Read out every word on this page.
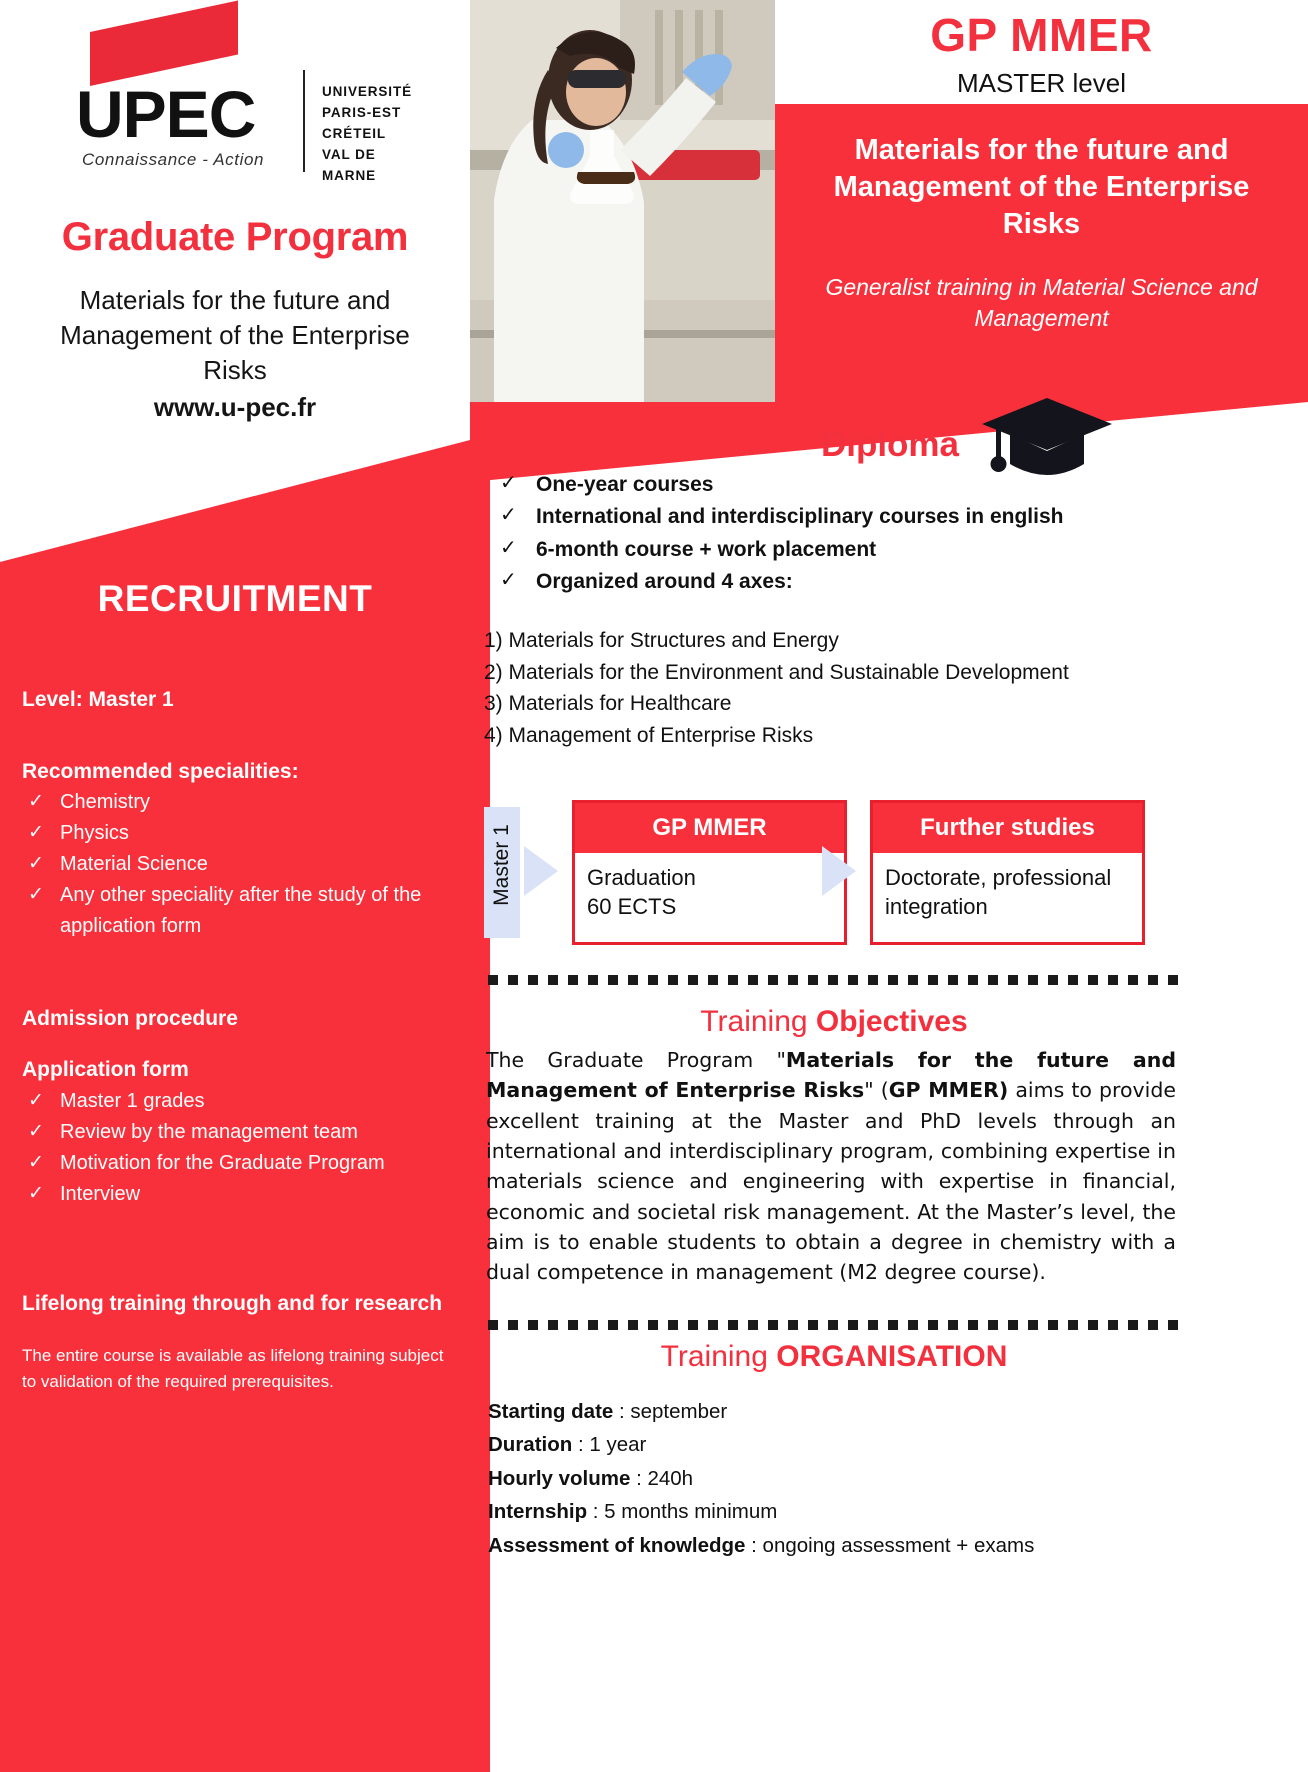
UPEC
Connaissance - Action
UNIVERSITÉ
PARIS-EST CRÉTEIL
VAL DE MARNE
Graduate Program
Materials for the future and Management of the Enterprise Risks
www.u-pec.fr
RECRUITMENT
Level: Master 1
Recommended specialities:
✓ Chemistry
✓ Physics
✓ Material Science
✓ Any other speciality after the study of the application form
Admission procedure
Application form
✓ Master 1 grades
✓ Review by the management team
✓ Motivation for the Graduate Program
✓ Interview
Lifelong training through and for research
The entire course is available as lifelong training subject to validation of the required prerequisites.
GP MMER
MASTER level
Materials for the future and Management of the Enterprise Risks
Generalist training in Material Science and Management
Diploma
✓ One-year courses
✓ International and interdisciplinary courses in english
✓ 6-month course + work placement
✓ Organized around 4 axes:
1) Materials for Structures and Energy
2) Materials for the Environment and Sustainable Development
3) Materials for Healthcare
4) Management of Enterprise Risks
Master 1	GP MMER
Graduation
60 ECTS
Further studies
Doctorate, professional integration
Training Objectives
The Graduate Program "Materials for the future and Management of Enterprise Risks" (GP MMER) aims to provide excellent training at the Master and PhD levels through an international and interdisciplinary program, combining expertise in materials science and engineering with expertise in financial, economic and societal risk management. At the Master’s level, the aim is to enable students to obtain a degree in chemistry with a dual competence in management (M2 degree course).
Training ORGANISATION
Starting date : september
Duration : 1 year
Hourly volume : 240h
Internship : 5 months minimum
Assessment of knowledge : ongoing assessment + exams
